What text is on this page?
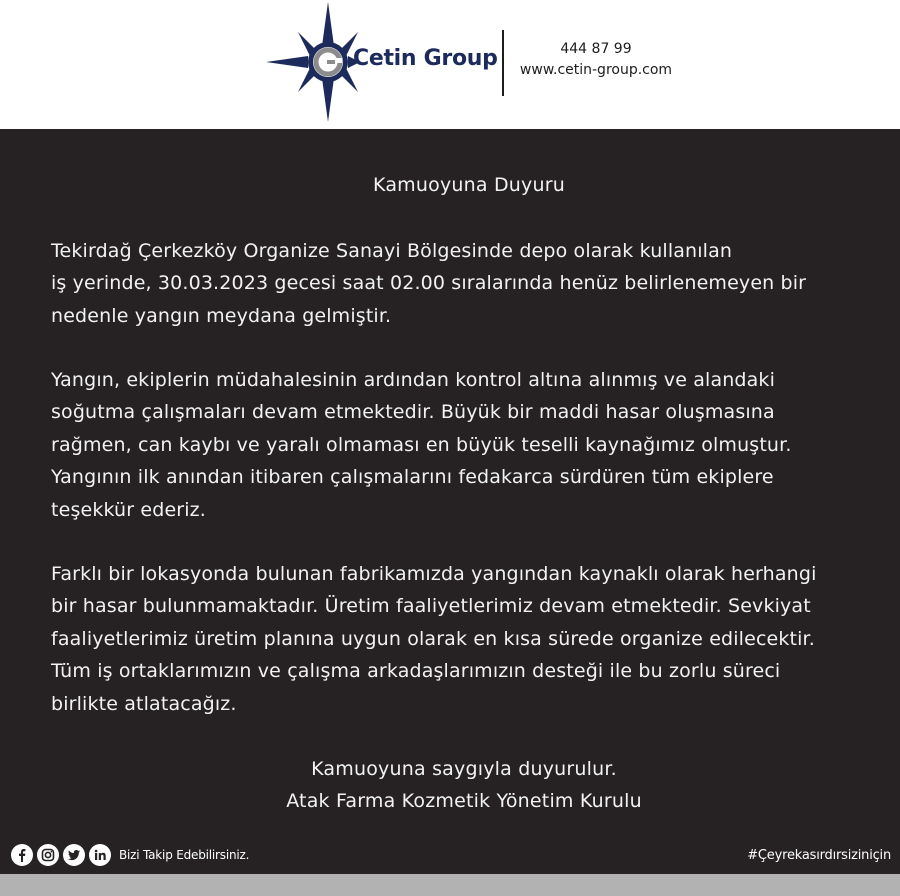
Cetin Group	444 87 99
www.cetin-group.com
Kamuoyuna Duyuru

Tekirdağ Çerkezköy Organize Sanayi Bölgesinde depo olarak kullanılan
iş yerinde, 30.03.2023 gecesi saat 02.00 sıralarında henüz belirlenemeyen bir
nedenle yangın meydana gelmiştir.

Yangın, ekiplerin müdahalesinin ardından kontrol altına alınmış ve alandaki
soğutma çalışmaları devam etmektedir. Büyük bir maddi hasar oluşmasına
rağmen, can kaybı ve yaralı olmaması en büyük teselli kaynağımız olmuştur.
Yangının ilk anından itibaren çalışmalarını fedakarca sürdüren tüm ekiplere
teşekkür ederiz.

Farklı bir lokasyonda bulunan fabrikamızda yangından kaynaklı olarak herhangi
bir hasar bulunmamaktadır. Üretim faaliyetlerimiz devam etmektedir. Sevkiyat
faaliyetlerimiz üretim planına uygun olarak en kısa sürede organize edilecektir.
Tüm iş ortaklarımızın ve çalışma arkadaşlarımızın desteği ile bu zorlu süreci
birlikte atlatacağız.

Kamuoyuna saygıyla duyurulur.
Atak Farma Kozmetik Yönetim Kurulu
Bizi Takip Edebilirsiniz.	#Çeyrekasırdırsiziniçin
